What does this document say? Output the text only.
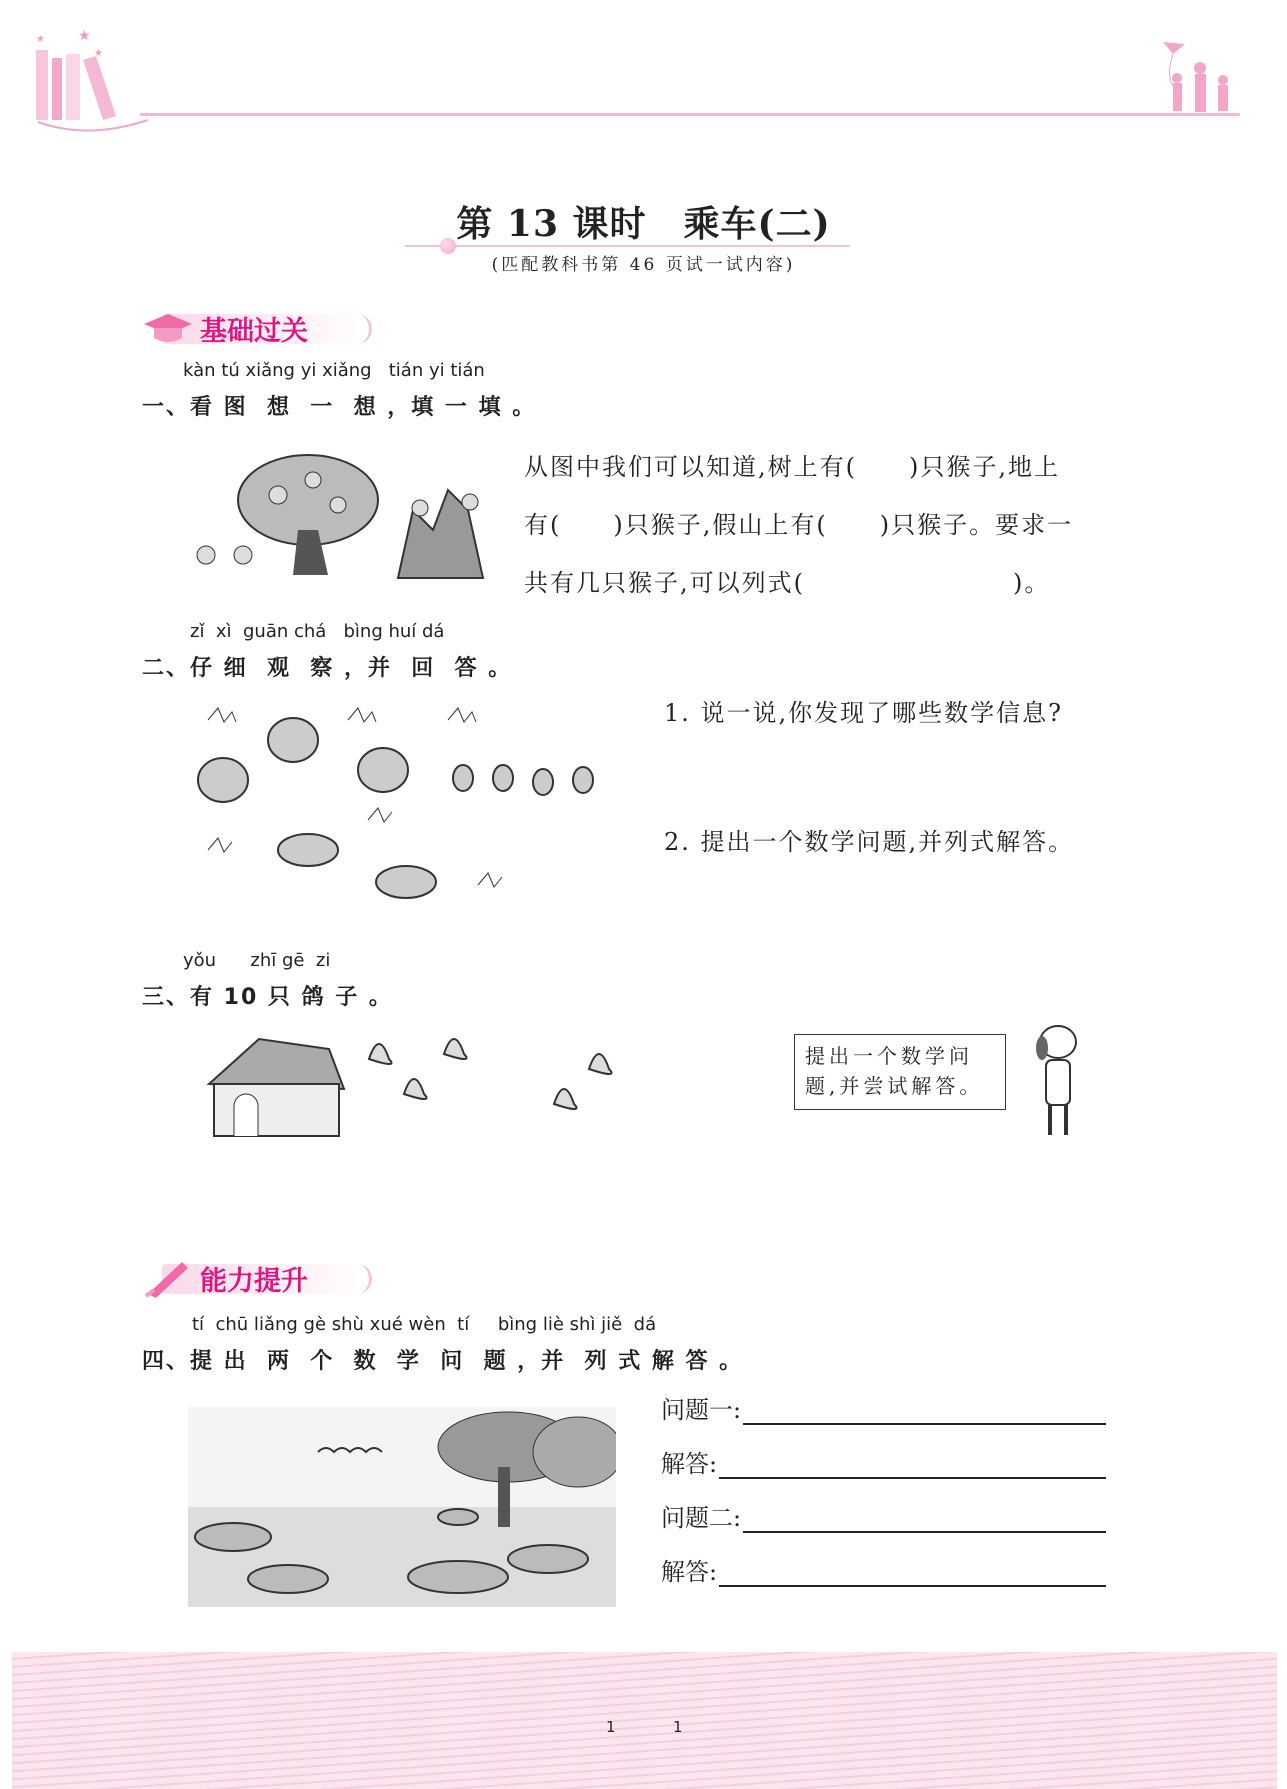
★
★
★
第 13 课时　乘车(二)
(匹配教科书第 46 页试一试内容)
基础过关
kàn tú xiǎng yi xiǎng   tián yi tián
一、看 图  想  一  想 ，填 一 填 。
从图中我们可以知道,树上有(　　)只猴子,地上
有(　　)只猴子,假山上有(　　)只猴子。要求一
共有几只猴子,可以列式(　　　　　　　　)。
zǐ  xì  guān chá   bìng huí dá
二、仔 细  观  察 ，并  回  答 。
1. 说一说,你发现了哪些数学信息?
2. 提出一个数学问题,并列式解答。
yǒu      zhī gē  zi
三、有 10 只 鸽 子 。
提出一个数学问题,并尝试解答。
能力提升
tí  chū liǎng gè shù xué wèn  tí     bìng liè shì jiě  dá
四、提 出  两  个  数  学  问  题 ，并  列 式 解 答 。
问题一:
解答:
问题二:
解答:
1	1
